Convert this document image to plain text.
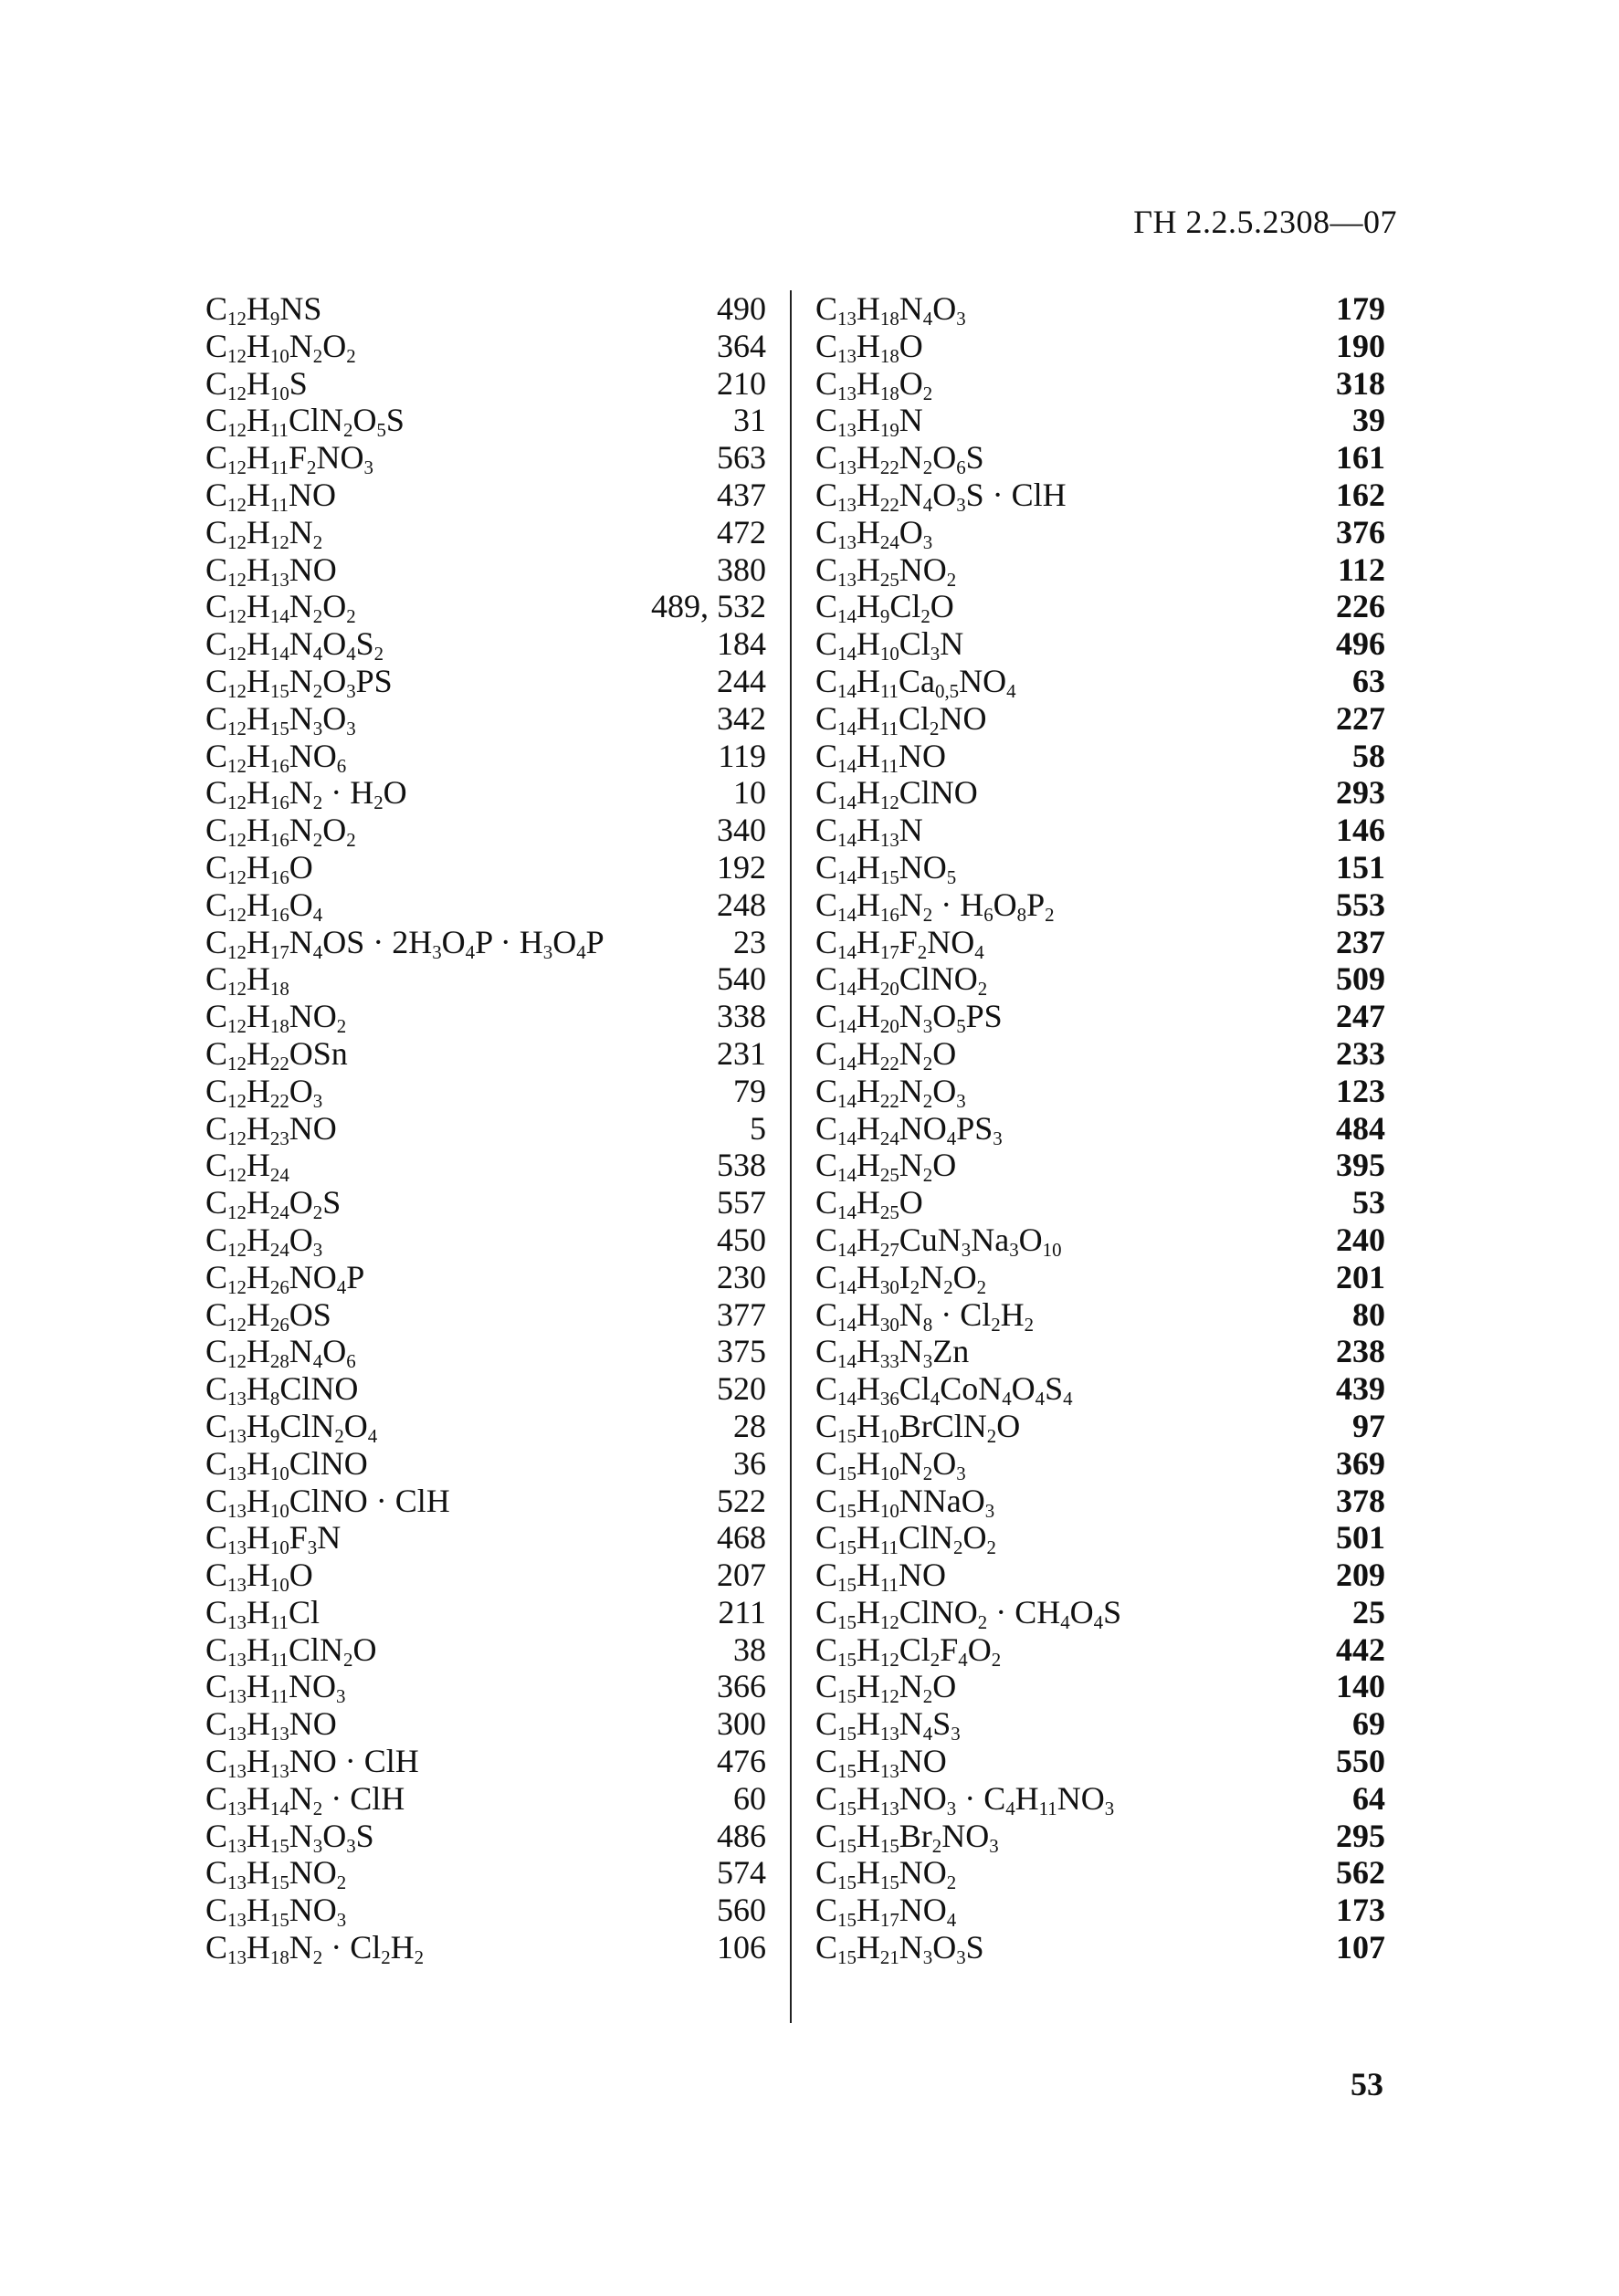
ГН 2.2.5.2308—07
$C_{12}H_9NS$	490
$C_{12}H_{10}N_2O_2$	364
$C_{12}H_{10}S$	210
$C_{12}H_{11}ClN_2O_5S$	31
$C_{12}H_{11}F_2NO_3$	563
$C_{12}H_{11}NO$	437
$C_{12}H_{12}N_2$	472
$C_{12}H_{13}NO$	380
$C_{12}H_{14}N_2O_2$	489, 532
$C_{12}H_{14}N_4O_4S_2$	184
$C_{12}H_{15}N_2O_3PS$	244
$C_{12}H_{15}N_3O_3$	342
$C_{12}H_{16}NO_6$	119
$C_{12}H_{16}N_2 \cdot H_2O$	10
$C_{12}H_{16}N_2O_2$	340
$C_{12}H_{16}O$	192
$C_{12}H_{16}O_4$	248
$C_{12}H_{17}N_4OS \cdot 2H_3O_4P \cdot H_3O_4P$	23
$C_{12}H_{18}$	540
$C_{12}H_{18}NO_2$	338
$C_{12}H_{22}OSn$	231
$C_{12}H_{22}O_3$	79
$C_{12}H_{23}NO$	5
$C_{12}H_{24}$	538
$C_{12}H_{24}O_2S$	557
$C_{12}H_{24}O_3$	450
$C_{12}H_{26}NO_4P$	230
$C_{12}H_{26}OS$	377
$C_{12}H_{28}N_4O_6$	375
$C_{13}H_8ClNO$	520
$C_{13}H_9ClN_2O_4$	28
$C_{13}H_{10}ClNO$	36
$C_{13}H_{10}ClNO$ · ClH	522
$C_{13}H_{10}F_3N$	468
$C_{13}H_{10}O$	207
$C_{13}H_{11}Cl$	211
$C_{13}H_{11}ClN_2O$	38
$C_{13}H_{11}NO_3$	366
$C_{13}H_{13}NO$	300
$C_{13}H_{13}NO$ · ClH	476
$C_{13}H_{14}N_2$ · ClH	60
$C_{13}H_{15}N_3O_3S$	486
$C_{13}H_{15}NO_2$	574
$C_{13}H_{15}NO_3$	560
$C_{13}H_{18}N_2 \cdot Cl_2H_2$	106
$C_{13}H_{18}N_4O_3$	179
$C_{13}H_{18}O$	190
$C_{13}H_{18}O_2$	318
$C_{13}H_{19}N$	39
$C_{13}H_{22}N_2O_6S$	161
$C_{13}H_{22}N_4O_3S$ · ClH	162
$C_{13}H_{24}O_3$	376
$C_{13}H_{25}NO_2$	112
$C_{14}H_9Cl_2O$	226
$C_{14}H_{10}Cl_3N$	496
$C_{14}H_{11}Ca_{0,5}NO_4$	63
$C_{14}H_{11}Cl_2NO$	227
$C_{14}H_{11}NO$	58
$C_{14}H_{12}ClNO$	293
$C_{14}H_{13}N$	146
$C_{14}H_{15}NO_5$	151
$C_{14}H_{16}N_2 \cdot H_6O_8P_2$	553
$C_{14}H_{17}F_2NO_4$	237
$C_{14}H_{20}ClNO_2$	509
$C_{14}H_{20}N_3O_5PS$	247
$C_{14}H_{22}N_2O$	233
$C_{14}H_{22}N_2O_3$	123
$C_{14}H_{24}NO_4PS_3$	484
$C_{14}H_{25}N_2O$	395
$C_{14}H_{25}O$	53
$C_{14}H_{27}CuN_3Na_3O_{10}$	240
$C_{14}H_{30}I_2N_2O_2$	201
$C_{14}H_{30}N_8 \cdot Cl_2H_2$	80
$C_{14}H_{33}N_3Zn$	238
$C_{14}H_{36}Cl_4CoN_4O_4S_4$	439
$C_{15}H_{10}BrClN_2O$	97
$C_{15}H_{10}N_2O_3$	369
$C_{15}H_{10}NNaO_3$	378
$C_{15}H_{11}ClN_2O_2$	501
$C_{15}H_{11}NO$	209
$C_{15}H_{12}ClNO_2 \cdot CH_4O_4S$	25
$C_{15}H_{12}Cl_2F_4O_2$	442
$C_{15}H_{12}N_2O$	140
$C_{15}H_{13}N_4S_3$	69
$C_{15}H_{13}NO$	550
$C_{15}H_{13}NO_3 \cdot C_4H_{11}NO_3$	64
$C_{15}H_{15}Br_2NO_3$	295
$C_{15}H_{15}NO_2$	562
$C_{15}H_{17}NO_4$	173
$C_{15}H_{21}N_3O_3S$	107
53
